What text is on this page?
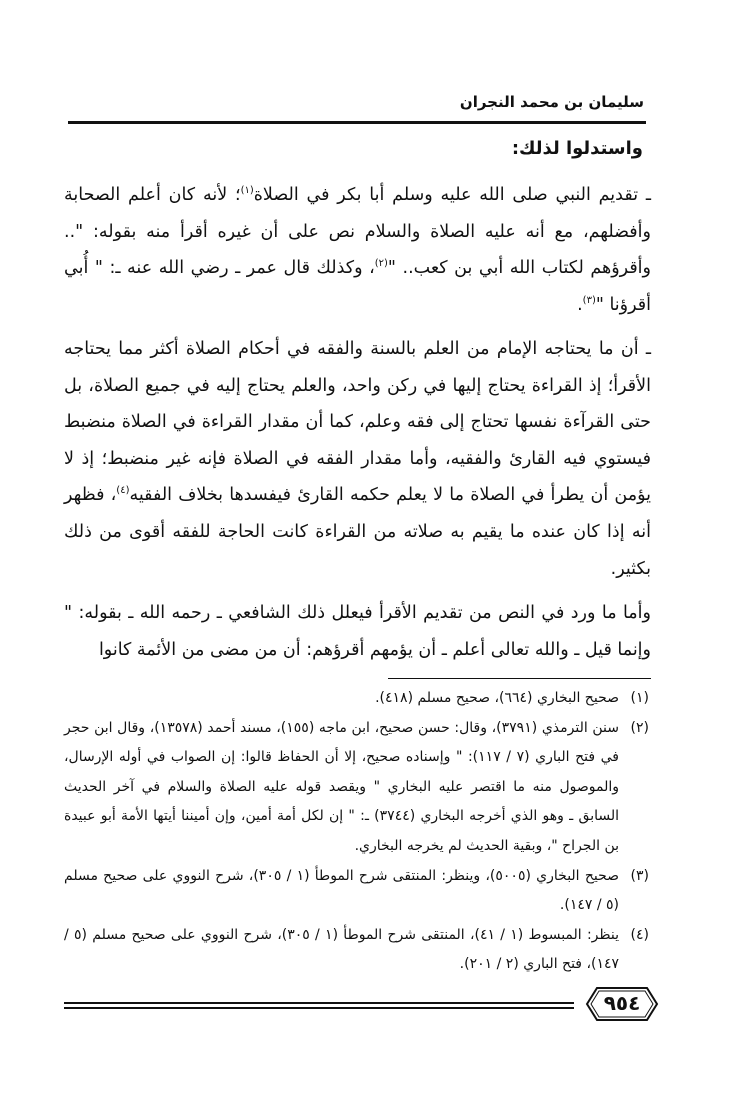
سليمان بن محمد النجران
واستدلوا لذلك:

ـ تقديم النبي صلى الله عليه وسلم أبا بكر في الصلاة$^{(١)}$؛ لأنه كان أعلم الصحابة وأفضلهم، مع أنه عليه الصلاة والسلام نص على أن غيره أقرأ منه بقوله: ".. وأقرؤهم لكتاب الله أبي بن كعب.. "$^{(٢)}$، وكذلك قال عمر ـ رضي الله عنه ـ: " أُبي أقرؤنا "$^{(٣)}$.

ـ أن ما يحتاجه الإمام من العلم بالسنة والفقه في أحكام الصلاة أكثر مما يحتاجه الأقرأ؛ إذ القراءة يحتاج إليها في ركن واحد، والعلم يحتاج إليه في جميع الصلاة، بل حتى القرآءة نفسها تحتاج إلى فقه وعلم، كما أن مقدار القراءة في الصلاة منضبط فيستوي فيه القارئ والفقيه، وأما مقدار الفقه في الصلاة فإنه غير منضبط؛ إذ لا يؤمن أن يطرأ في الصلاة ما لا يعلم حكمه القارئ فيفسدها بخلاف الفقيه$^{(٤)}$، فظهر أنه إذا كان عنده ما يقيم به صلاته من القراءة كانت الحاجة للفقه أقوى من ذلك بكثير.

وأما ما ورد في النص من تقديم الأقرأ فيعلل ذلك الشافعي ـ رحمه الله ـ بقوله: " وإنما قيل ـ والله تعالى أعلم ـ أن يؤمهم أقرؤهم: أن من مضى من الأئمة كانوا

(١)
صحيح البخاري (٦٦٤)، صحيح مسلم (٤١٨).

(٢)
سنن الترمذي (٣٧٩١)، وقال: حسن صحيح، ابن ماجه (١٥٥)، مسند أحمد (١٣٥٧٨)، وقال ابن حجر في فتح الباري (٧ / ١١٧): " وإسناده صحيح، إلا أن الحفاظ قالوا: إن الصواب في أوله الإرسال، والموصول منه ما اقتصر عليه البخاري " ويقصد قوله عليه الصلاة والسلام في آخر الحديث السابق ـ وهو الذي أخرجه البخاري (٣٧٤٤) ـ: " إن لكل أمة أمين، وإن أميننا أيتها الأمة أبو عبيدة بن الجراح "، وبقية الحديث لم يخرجه البخاري.

(٣)
صحيح البخاري (٥٠٠٥)، وينظر: المنتقى شرح الموطأ (١ / ٣٠٥)، شرح النووي على صحيح مسلم (٥ / ١٤٧).

(٤)
ينظر: المبسوط (١ / ٤١)، المنتقى شرح الموطأ (١ / ٣٠٥)، شرح النووي على صحيح مسلم (٥ / ١٤٧)، فتح الباري (٢ / ٢٠١).

٩٥٤
